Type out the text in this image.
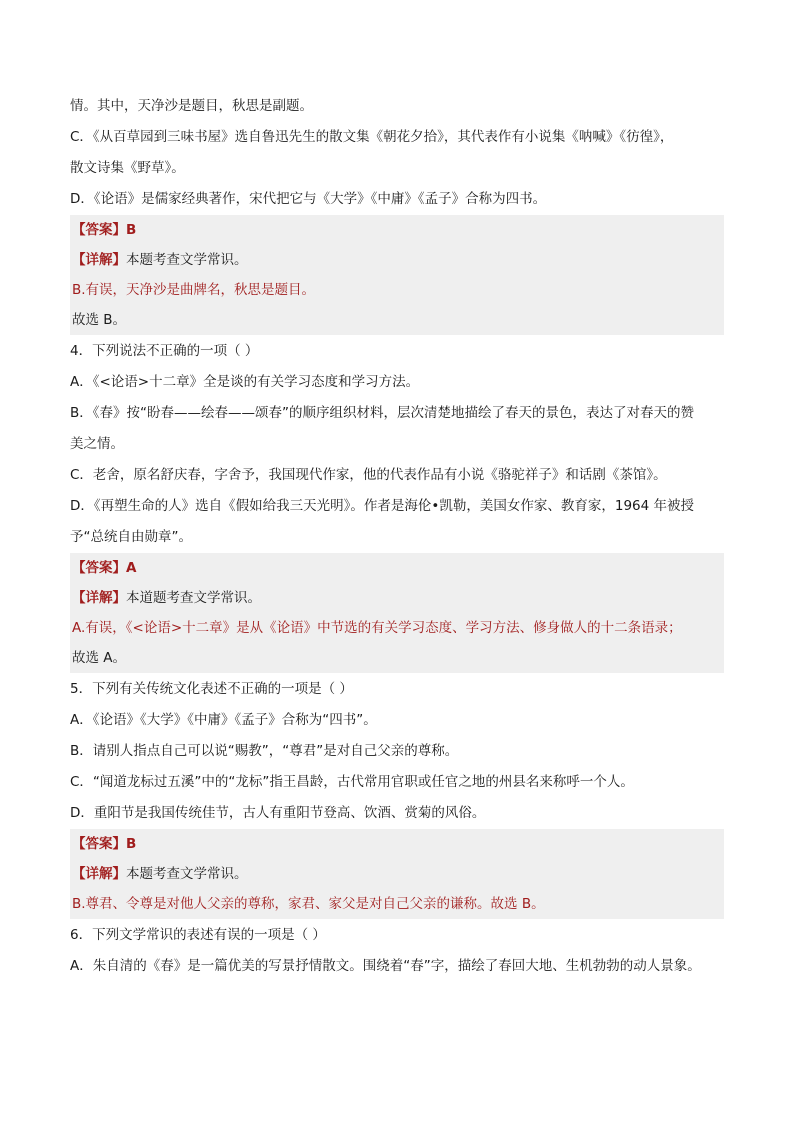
情。其中，天净沙是题目，秋思是副题。

C．《从百草园到三味书屋》选自鲁迅先生的散文集《朝花夕拾》，其代表作有小说集《呐喊》《彷徨》，

散文诗集《野草》。

D．《论语》是儒家经典著作，宋代把它与《大学》《中庸》《孟子》合称为四书。

【答案】B

【详解】本题考查文学常识。

B.有误，天净沙是曲牌名，秋思是题目。

故选 B。

4．下列说法不正确的一项（ ）

A．《<论语>十二章》全是谈的有关学习态度和学习方法。

B．《春》按“盼春——绘春——颂春”的顺序组织材料，层次清楚地描绘了春天的景色，表达了对春天的赞

美之情。

C．老舍，原名舒庆春，字舍予，我国现代作家，他的代表作品有小说《骆驼祥子》和话剧《茶馆》。

D．《再塑生命的人》选自《假如给我三天光明》。作者是海伦•凯勒，美国女作家、教育家，1964 年被授

予“总统自由勋章”。

【答案】A

【详解】本道题考查文学常识。

A.有误，《<论语>十二章》是从《论语》中节选的有关学习态度、学习方法、修身做人的十二条语录；

故选 A。

5．下列有关传统文化表述不正确的一项是（ ）

A．《论语》《大学》《中庸》《孟子》合称为“四书”。

B．请别人指点自己可以说“赐教”，“尊君”是对自己父亲的尊称。

C．“闻道龙标过五溪”中的“龙标”指王昌龄，古代常用官职或任官之地的州县名来称呼一个人。

D．重阳节是我国传统佳节，古人有重阳节登高、饮酒、赏菊的风俗。

【答案】B

【详解】本题考查文学常识。

B.尊君、令尊是对他人父亲的尊称，家君、家父是对自己父亲的谦称。故选 B。

6．下列文学常识的表述有误的一项是（ ）

A．朱自清的《春》是一篇优美的写景抒情散文。围绕着“春”字，描绘了春回大地、生机勃勃的动人景象。
